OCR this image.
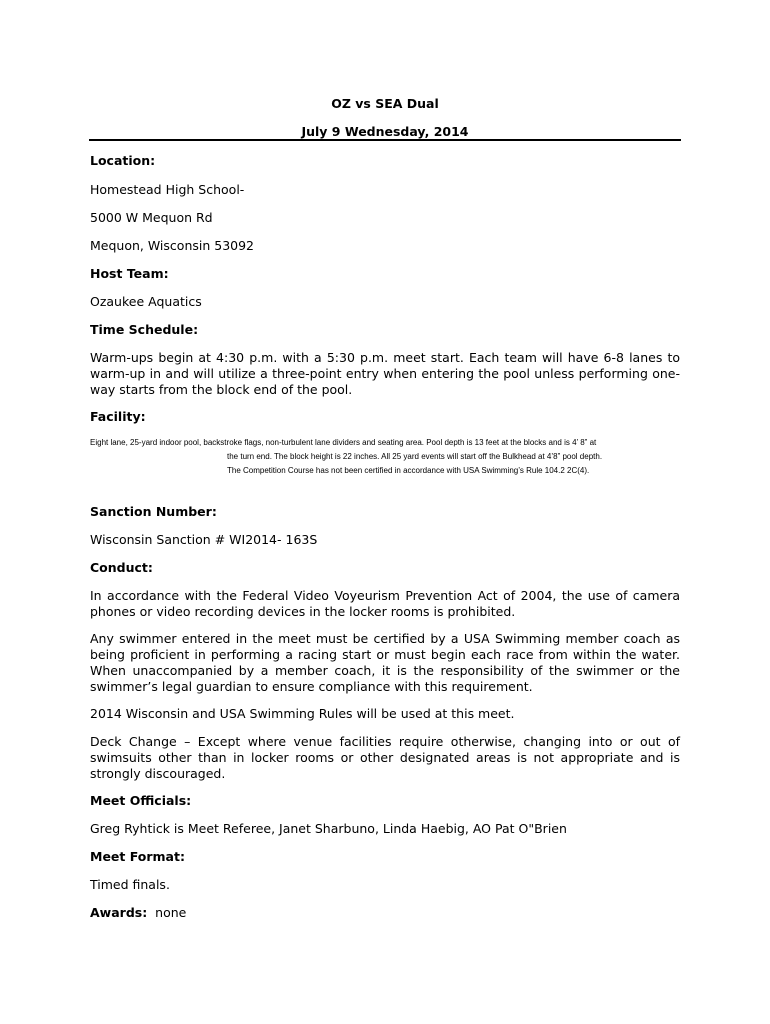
OZ vs SEA Dual
July 9 Wednesday, 2014
Location:
Homestead High School-
5000 W Mequon Rd
Mequon, Wisconsin 53092
Host Team:
Ozaukee Aquatics
Time Schedule:
Warm-ups begin at 4:30 p.m. with a 5:30 p.m. meet start. Each team will have 6-8 lanes to warm-up in and will utilize a three-point entry when entering the pool unless performing one-way starts from the block end of the pool.
Facility:
Eight lane, 25-yard indoor pool, backstroke flags, non-turbulent lane dividers and seating area. Pool depth is 13 feet at the blocks and is 4’ 8” at
the turn end. The block height is 22 inches. All 25 yard events will start off the Bulkhead at 4’8” pool depth.
The Competition Course has not been certified in accordance with USA Swimming’s Rule 104.2 2C(4).
Sanction Number:
Wisconsin Sanction # WI2014- 163S
Conduct:
In accordance with the Federal Video Voyeurism Prevention Act of 2004, the use of camera phones or video recording devices in the locker rooms is prohibited.
Any swimmer entered in the meet must be certified by a USA Swimming member coach as being proficient in performing a racing start or must begin each race from within the water. When unaccompanied by a member coach, it is the responsibility of the swimmer or the swimmer’s legal guardian to ensure compliance with this requirement.
2014 Wisconsin and USA Swimming Rules will be used at this meet.
Deck Change – Except where venue facilities require otherwise, changing into or out of swimsuits other than in locker rooms or other designated areas is not appropriate and is strongly discouraged.
Meet Officials:
Greg Ryhtick is Meet Referee, Janet Sharbuno, Linda Haebig, AO Pat O"Brien
Meet Format:
Timed finals.
Awards: none
